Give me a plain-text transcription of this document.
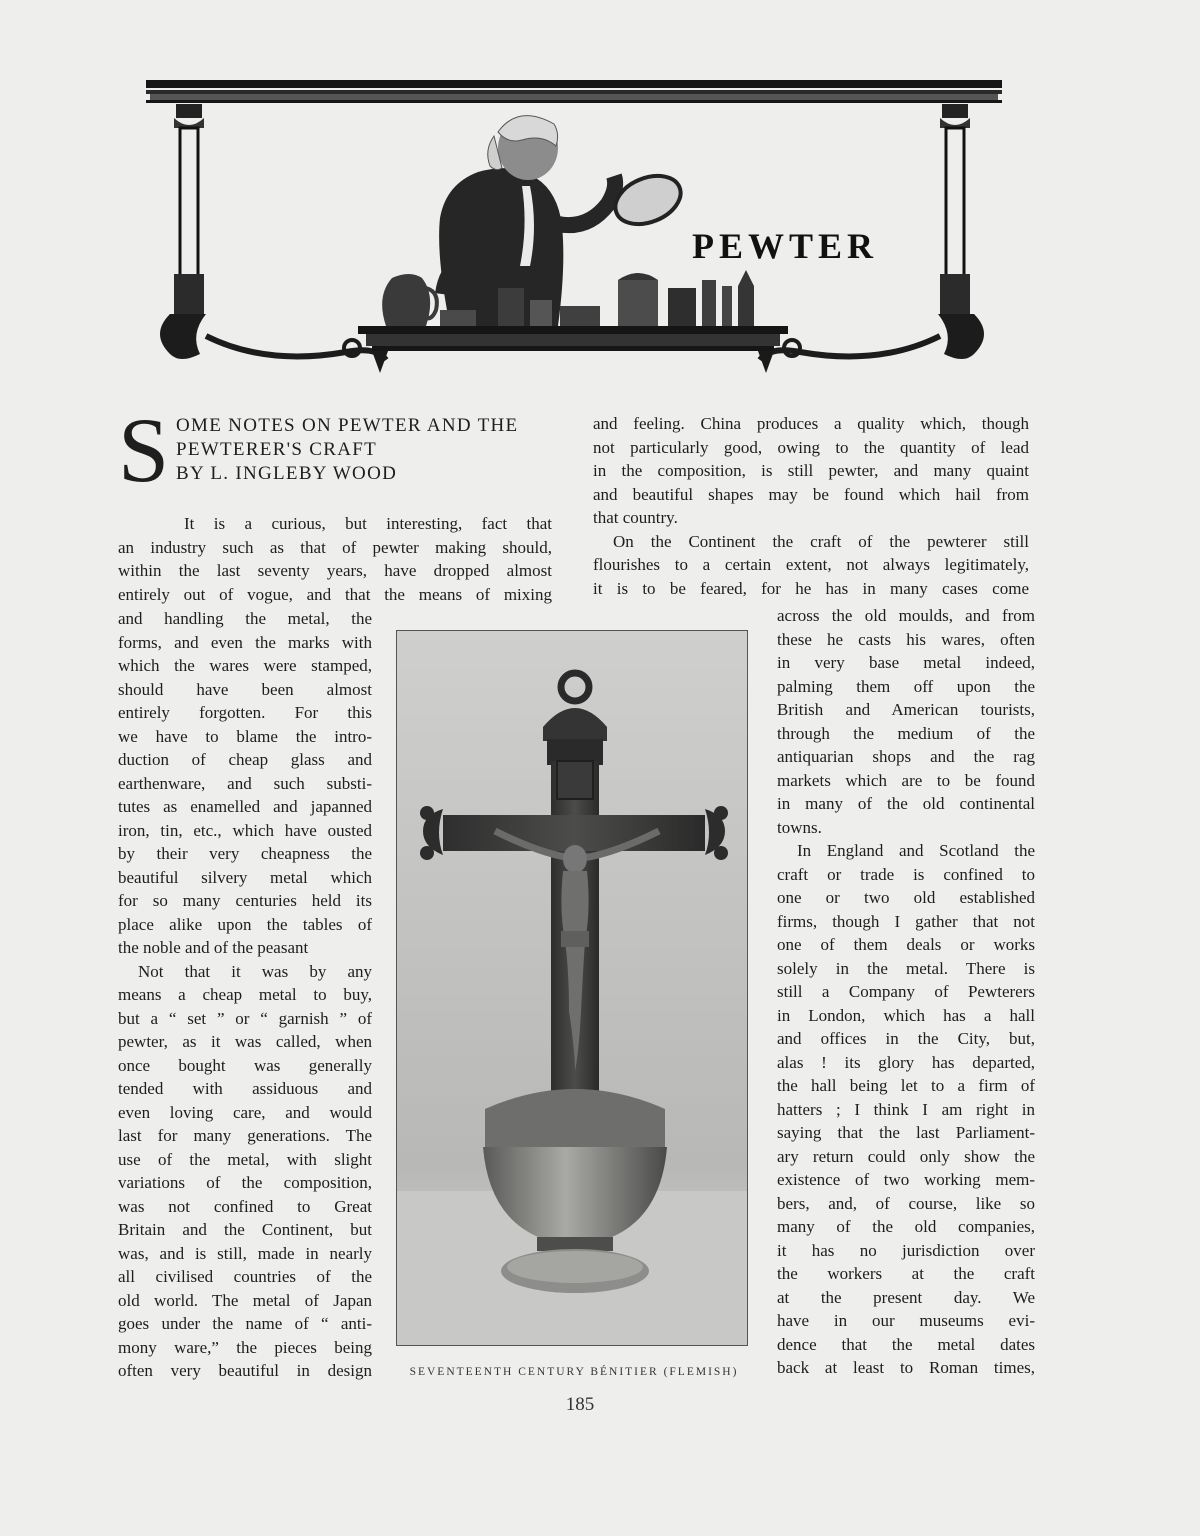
PEWTER
S OME NOTES ON PEWTER AND THE
PEWTERER'S CRAFT
BY L. INGLEBY WOOD
It is a curious, but interesting, fact that
an industry such as that of pewter making should,
within the last seventy years, have dropped almost
entirely out of vogue, and that the means of mixing
and handling the metal, the
forms, and even the marks with
which the wares were stamped,
should have been almost
entirely forgotten. For this
we have to blame the intro-
duction of cheap glass and
earthenware, and such substi-
tutes as enamelled and japanned
iron, tin, etc., which have ousted
by their very cheapness the
beautiful silvery metal which
for so many centuries held its
place alike upon the tables of
the noble and of the peasant
Not that it was by any
means a cheap metal to buy,
but a “ set ” or “ garnish ” of
pewter, as it was called, when
once bought was generally
tended with assiduous and
even loving care, and would
last for many generations. The
use of the metal, with slight
variations of the composition,
was not confined to Great
Britain and the Continent, but
was, and is still, made in nearly
all civilised countries of the
old world. The metal of Japan
goes under the name of “ anti-
mony ware,” the pieces being
often very beautiful in design
and feeling. China produces a quality which, though
not particularly good, owing to the quantity of lead
in the composition, is still pewter, and many quaint
and beautiful shapes may be found which hail from
that country.
On the Continent the craft of the pewterer still
flourishes to a certain extent, not always legitimately,
it is to be feared, for he has in many cases come
across the old moulds, and from
these he casts his wares, often
in very base metal indeed,
palming them off upon the
British and American tourists,
through the medium of the
antiquarian shops and the rag
markets which are to be found
in many of the old continental
towns.
In England and Scotland the
craft or trade is confined to
one or two old established
firms, though I gather that not
one of them deals or works
solely in the metal. There is
still a Company of Pewterers
in London, which has a hall
and offices in the City, but,
alas ! its glory has departed,
the hall being let to a firm of
hatters ; I think I am right in
saying that the last Parliament-
ary return could only show the
existence of two working mem-
bers, and, of course, like so
many of the old companies,
it has no jurisdiction over
the workers at the craft
at the present day. We
have in our museums evi-
dence that the metal dates
back at least to Roman times,
SEVENTEENTH CENTURY BÉNITIER (FLEMISH)
185
